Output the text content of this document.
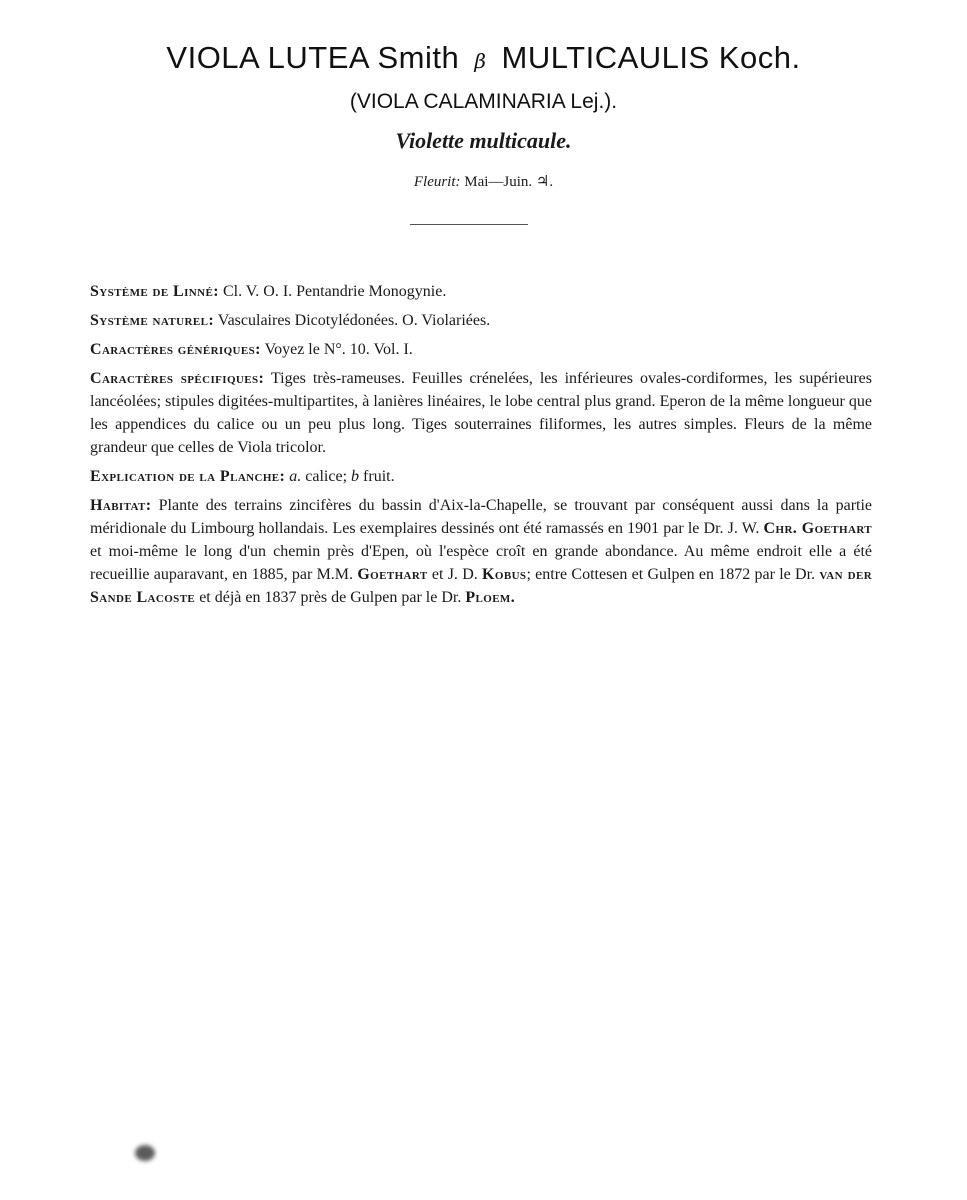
VIOLA LUTEA Smith β MULTICAULIS Koch.
(VIOLA CALAMINARIA Lej.).
Violette multicaule.
Fleurit: Mai—Juin. ♃.

Système de Linné: Cl. V. O. I. Pentandrie Monogynie.

Système naturel: Vasculaires Dicotylédonées. O. Violariées.

Caractères génériques: Voyez le N°. 10. Vol. I.

Caractères spécifiques: Tiges très-rameuses. Feuilles crénelées, les inférieures ovales-cordiformes, les supérieures lancéolées; stipules digitées-multipartites, à lanières linéaires, le lobe central plus grand. Eperon de la même longueur que les appendices du calice ou un peu plus long. Tiges souterraines filiformes, les autres simples. Fleurs de la même grandeur que celles de Viola tricolor.

Explication de la Planche: a. calice; b fruit.

Habitat: Plante des terrains zincifères du bassin d'Aix-la-Chapelle, se trouvant par conséquent aussi dans la partie méridionale du Limbourg hollandais. Les exemplaires dessinés ont été ramassés en 1901 par le Dr. J. W. Chr. Goethart et moi-même le long d'un chemin près d'Epen, où l'espèce croît en grande abondance. Au même endroit elle a été recueillie auparavant, en 1885, par M.M. Goethart et J. D. Kobus; entre Cottesen et Gulpen en 1872 par le Dr. van der Sande Lacoste et déjà en 1837 près de Gulpen par le Dr. Ploem.
